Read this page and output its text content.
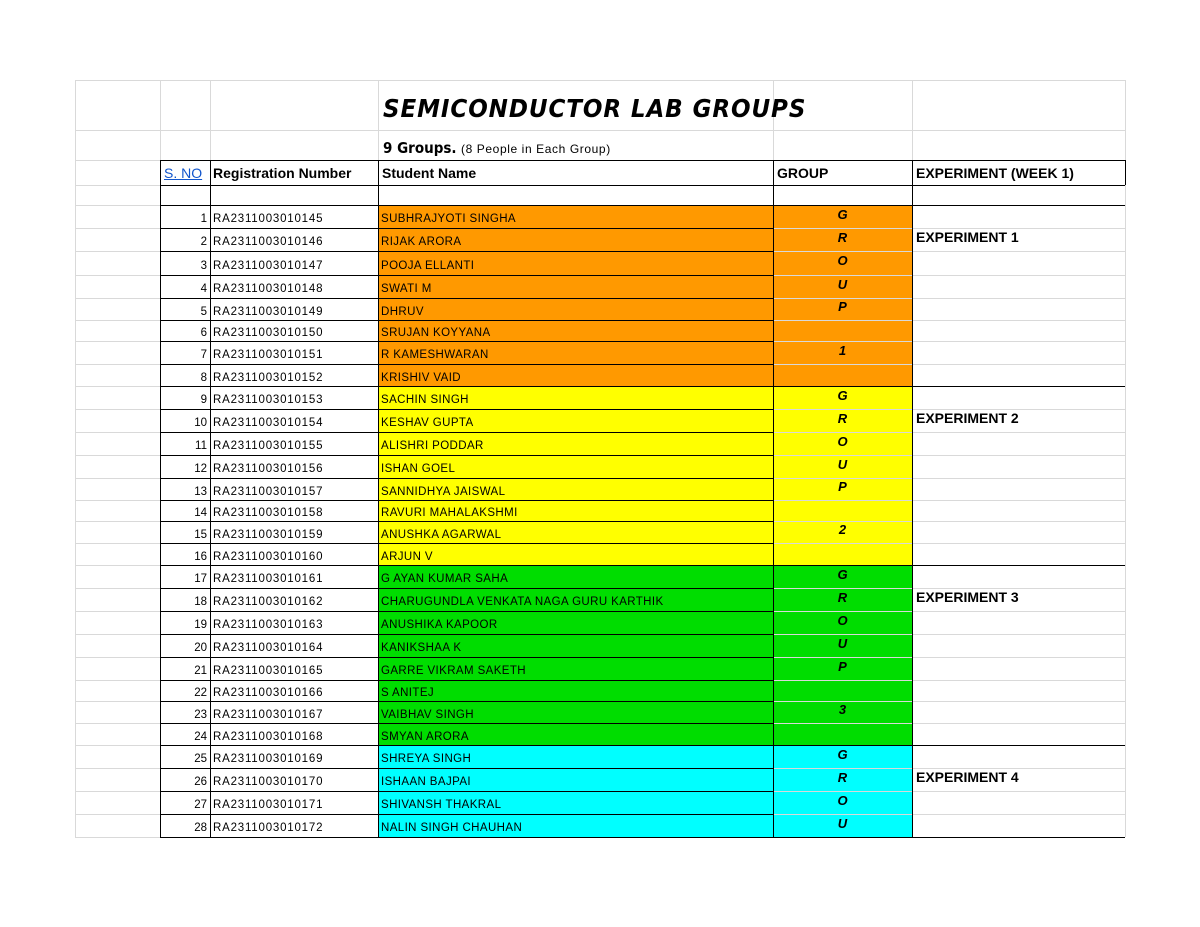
SEMICONDUCTOR LAB GROUPS
9 Groups. (8 People in Each Group)
S. NO Registration Number	Student Name	GROUP	EXPERIMENT (WEEK 1)
1 RA2311003010145	SUBHRAJYOTI SINGHA	G
2 RA2311003010146	RIJAK ARORA	R	EXPERIMENT 1
3 RA2311003010147	POOJA ELLANTI	O
4 RA2311003010148	SWATI M	U
5 RA2311003010149	DHRUV	P
6 RA2311003010150	SRUJAN KOYYANA
7 RA2311003010151	R KAMESHWARAN	1
8 RA2311003010152	KRISHIV VAID
9 RA2311003010153	SACHIN SINGH	G
10 RA2311003010154	KESHAV GUPTA	R	EXPERIMENT 2
11 RA2311003010155	ALISHRI PODDAR	O
12 RA2311003010156	ISHAN GOEL	U
13 RA2311003010157	SANNIDHYA JAISWAL	P
14 RA2311003010158	RAVURI MAHALAKSHMI
15 RA2311003010159	ANUSHKA AGARWAL	2
16 RA2311003010160	ARJUN V
17 RA2311003010161	G AYAN KUMAR SAHA	G
18 RA2311003010162	CHARUGUNDLA VENKATA NAGA GURU KARTHIK	R	EXPERIMENT 3
19 RA2311003010163	ANUSHIKA KAPOOR	O
20 RA2311003010164	KANIKSHAA K	U
21 RA2311003010165	GARRE VIKRAM SAKETH	P
22 RA2311003010166	S ANITEJ
23 RA2311003010167	VAIBHAV SINGH	3
24 RA2311003010168	SMYAN ARORA
25 RA2311003010169	SHREYA SINGH	G
26 RA2311003010170	ISHAAN BAJPAI	R	EXPERIMENT 4
27 RA2311003010171	SHIVANSH THAKRAL	O
28 RA2311003010172	NALIN SINGH CHAUHAN	U
